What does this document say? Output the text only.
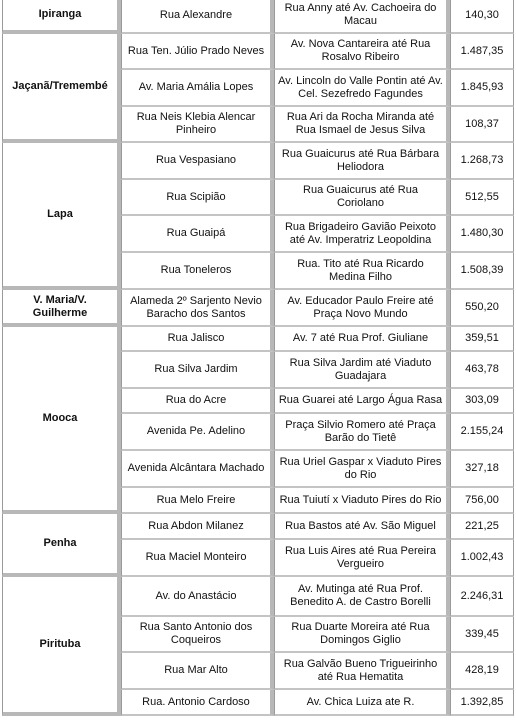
Ipiranga	Rua Alexandre	Rua Anny até Av. Cachoeira do Macau	140,30
Jaçanã/Tremembé	Rua Ten. Júlio Prado Neves	Av. Nova Cantareira até Rua Rosalvo Ribeiro	1.487,35
	Av. Maria Amália Lopes	Av. Lincoln do Valle Pontin até Av. Cel. Sezefredo Fagundes	1.845,93
	Rua Neis Klebia Alencar Pinheiro	Rua Ari da Rocha Miranda até Rua Ismael de Jesus Silva	108,37
Lapa	Rua Vespasiano	Rua Guaicurus até Rua Bárbara Heliodora	1.268,73
	Rua Scipião	Rua Guaicurus até Rua Coriolano	512,55
	Rua Guaipá	Rua Brigadeiro Gavião Peixoto até Av. Imperatriz Leopoldina	1.480,30
	Rua Toneleros	Rua. Tito até Rua Ricardo Medina Filho	1.508,39
V. Maria/V. Guilherme	Alameda 2º Sarjento Nevio Baracho dos Santos	Av. Educador Paulo Freire até Praça Novo Mundo	550,20
Mooca	Rua Jalisco	Av. 7 até Rua Prof. Giuliane	359,51
	Rua Silva Jardim	Rua Silva Jardim até Viaduto Guadajara	463,78
	Rua do Acre	Rua Guarei até Largo Água Rasa	303,09
	Avenida Pe. Adelino	Praça Silvio Romero até Praça Barão do Tietê	2.155,24
	Avenida Alcântara Machado	Rua Uriel Gaspar x Viaduto Pires do Rio	327,18
	Rua Melo Freire	Rua Tuiutí x Viaduto Pires do Rio	756,00
Penha	Rua Abdon Milanez	Rua Bastos até Av. São Miguel	221,25
	Rua Maciel Monteiro	Rua Luis Aires até Rua Pereira Vergueiro	1.002,43
Pirituba	Av. do Anastácio	Av. Mutinga até Rua Prof. Benedito A. de Castro Borelli	2.246,31
	Rua Santo Antonio dos Coqueiros	Rua Duarte Moreira até Rua Domingos Giglio	339,45
	Rua Mar Alto	Rua Galvão Bueno Trigueirinho até Rua Hematita	428,19
	Rua. Antonio Cardoso	Av. Chica Luiza ate R.	1.392,85
